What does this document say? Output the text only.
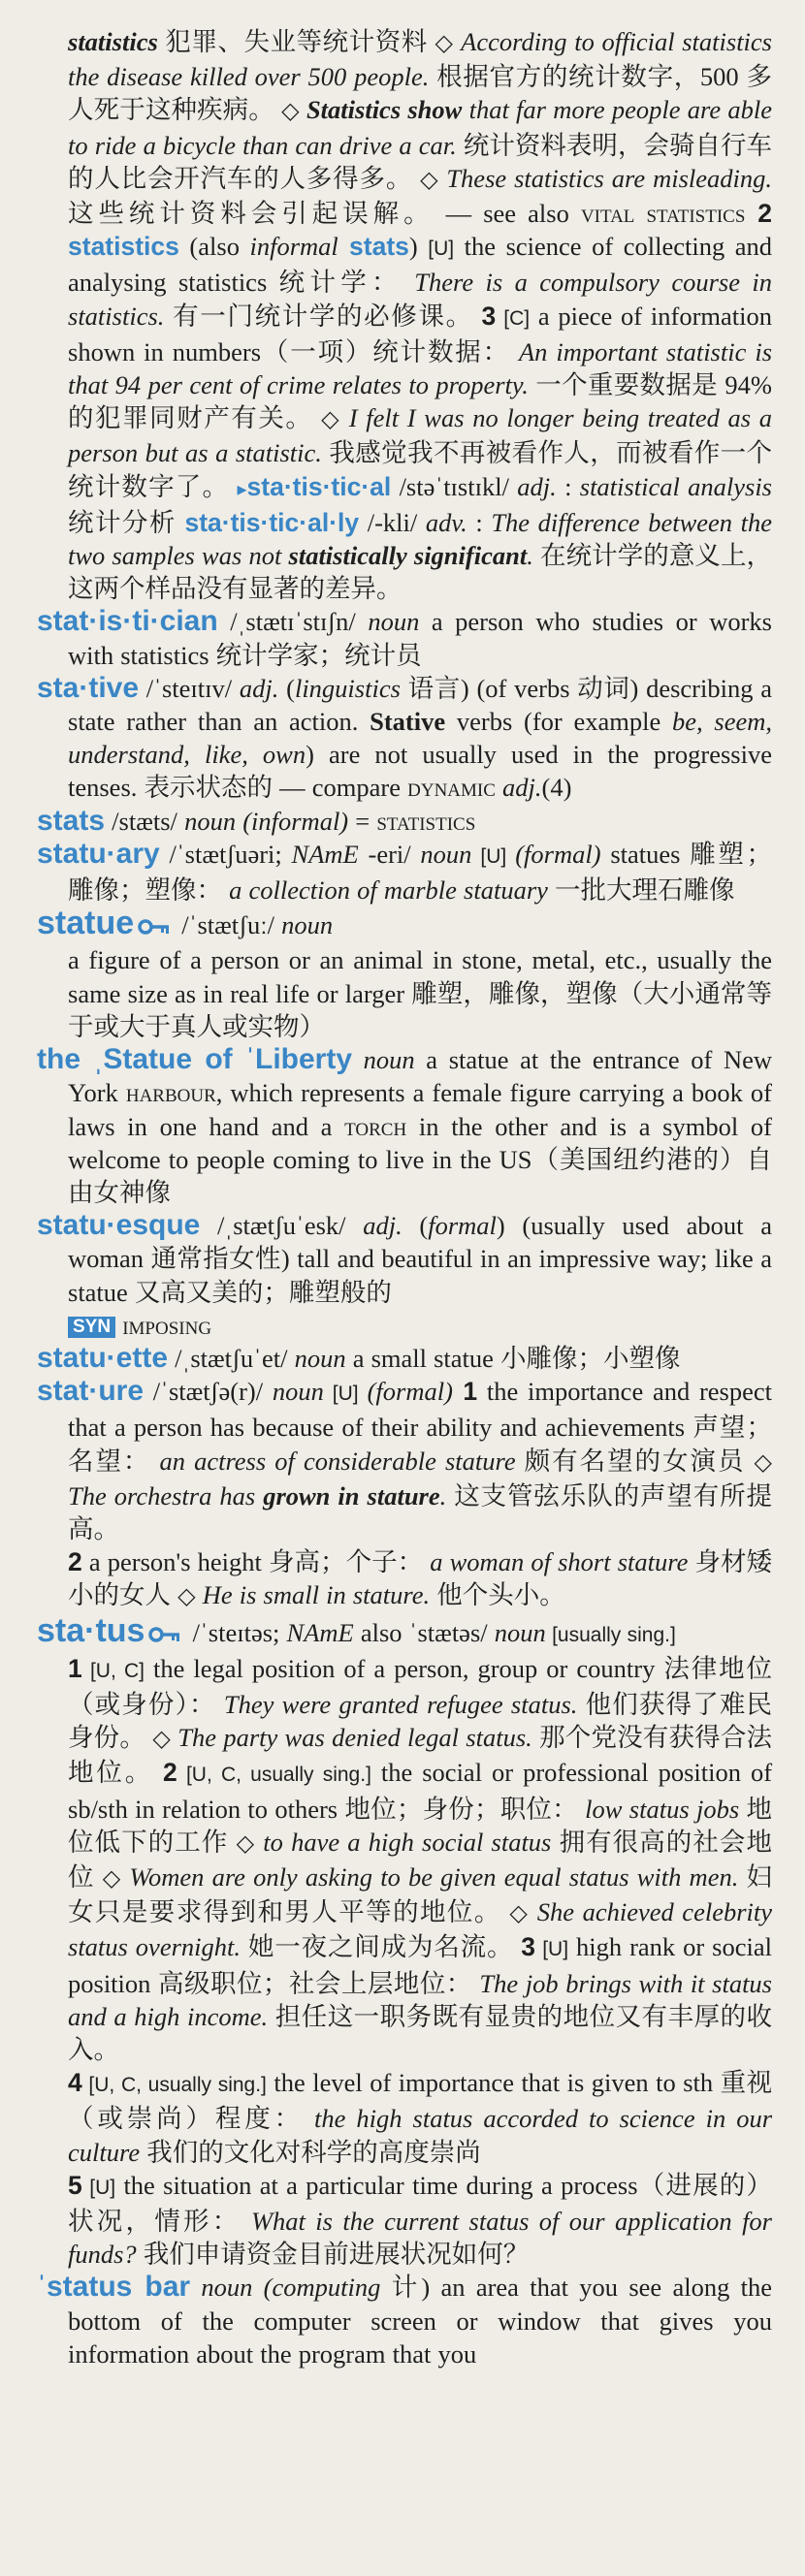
statistics 犯罪、失业等统计资料 ◇ According to official statistics the disease killed over 500 people. 根据官方的统计数字，500 多人死于这种疾病。 ◇ Statistics show that far more people are able to ride a bicycle than can drive a car. 统计资料表明，会骑自行车的人比会开汽车的人多得多。 ◇ These statistics are misleading. 这些统计资料会引起误解。 — see also vital statistics 2 statistics (also informal stats) [U] the science of collecting and analysing statistics 统计学： There is a compulsory course in statistics. 有一门统计学的必修课。 3 [C] a piece of information shown in numbers（一项）统计数据： An important statistic is that 94 per cent of crime relates to property. 一个重要数据是 94% 的犯罪同财产有关。 ◇ I felt I was no longer being treated as a person but as a statistic. 我感觉我不再被看作人，而被看作一个统计数字了。 ▸sta·tis·tic·al /stəˈtɪstɪkl/ adj. : statistical analysis 统计分析 sta·tis·tic·al·ly /-kli/ adv. : The difference between the two samples was not statistically significant. 在统计学的意义上，这两个样品没有显著的差异。

stat·is·ti·cian /ˌstætɪˈstɪʃn/ noun a person who studies or works with statistics 统计学家；统计员

sta·tive /ˈsteɪtɪv/ adj. (linguistics 语言) (of verbs 动词) describing a state rather than an action. Stative verbs (for example be, seem, understand, like, own) are not usually used in the progressive tenses. 表示状态的 — compare dynamic adj.(4)

stats /stæts/ noun (informal) = statistics

statu·ary /ˈstætʃuəri; NAmE -eri/ noun [U] (formal) statues 雕塑；雕像；塑像： a collection of marble statuary 一批大理石雕像

statue /ˈstætʃuː/ noun

a figure of a person or an animal in stone, metal, etc., usually the same size as in real life or larger 雕塑，雕像，塑像（大小通常等于或大于真人或实物）

the ˌStatue of ˈLiberty noun a statue at the entrance of New York harbour, which represents a female figure carrying a book of laws in one hand and a torch in the other and is a symbol of welcome to people coming to live in the US（美国纽约港的）自由女神像

statu·esque /ˌstætʃuˈesk/ adj. (formal) (usually used about a woman 通常指女性) tall and beautiful in an impressive way; like a statue 又高又美的；雕塑般的

SYN imposing

statu·ette /ˌstætʃuˈet/ noun a small statue 小雕像；小塑像

stat·ure /ˈstætʃə(r)/ noun [U] (formal) 1 the importance and respect that a person has because of their ability and achievements 声望；名望： an actress of considerable stature 颇有名望的女演员 ◇ The orchestra has grown in stature. 这支管弦乐队的声望有所提高。

2 a person's height 身高；个子： a woman of short stature 身材矮小的女人 ◇ He is small in stature. 他个头小。

sta·tus /ˈsteɪtəs; NAmE also ˈstætəs/ noun [usually sing.]

1 [U, C] the legal position of a person, group or country 法律地位（或身份）： They were granted refugee status. 他们获得了难民身份。 ◇ The party was denied legal status. 那个党没有获得合法地位。 2 [U, C, usually sing.] the social or professional position of sb/sth in relation to others 地位；身份；职位： low status jobs 地位低下的工作 ◇ to have a high social status 拥有很高的社会地位 ◇ Women are only asking to be given equal status with men. 妇女只是要求得到和男人平等的地位。 ◇ She achieved celebrity status overnight. 她一夜之间成为名流。 3 [U] high rank or social position 高级职位；社会上层地位： The job brings with it status and a high income. 担任这一职务既有显贵的地位又有丰厚的收入。

4 [U, C, usually sing.] the level of importance that is given to sth 重视（或崇尚）程度： the high status accorded to science in our culture 我们的文化对科学的高度崇尚

5 [U] the situation at a particular time during a process（进展的）状况，情形： What is the current status of our application for funds? 我们申请资金目前进展状况如何？

ˈstatus bar noun (computing 计) an area that you see along the bottom of the computer screen or window that gives you information about the program that you
